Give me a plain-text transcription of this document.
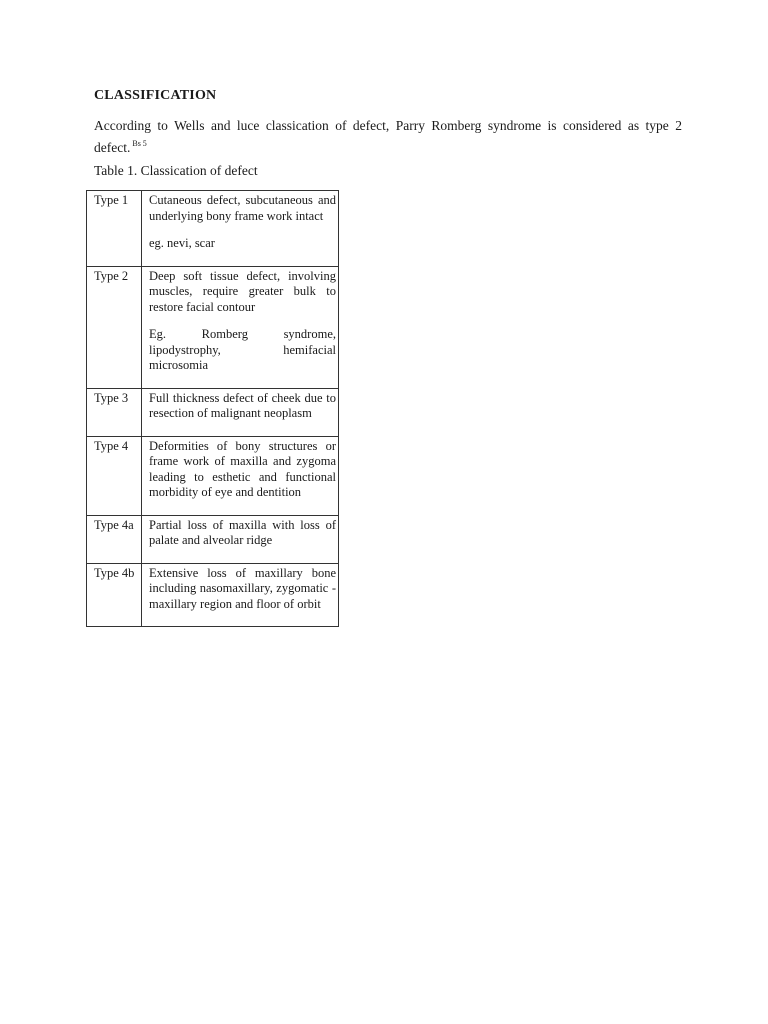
CLASSIFICATION
According to Wells and luce classication of defect, Parry Romberg syndrome is considered as type 2 defect. $^{Bs 5}$
Table 1. Classication of defect
Type 1	Cutaneous defect, subcutaneous and underlying bony frame work intact

eg. nevi, scar

Type 2	Deep soft tissue defect, involving muscles, require greater bulk to restore facial contour

Eg. Romberg syndrome, lipodystrophy, hemifacial microsomia

Type 3	Full thickness defect of cheek due to resection of malignant neoplasm

Type 4	Deformities of bony structures or frame work of maxilla and zygoma leading to esthetic and functional morbidity of eye and dentition

Type 4a	Partial loss of maxilla with loss of palate and alveolar ridge

Type 4b	Extensive loss of maxillary bone including nasomaxillary, zygomatic - maxillary region and floor of orbit
